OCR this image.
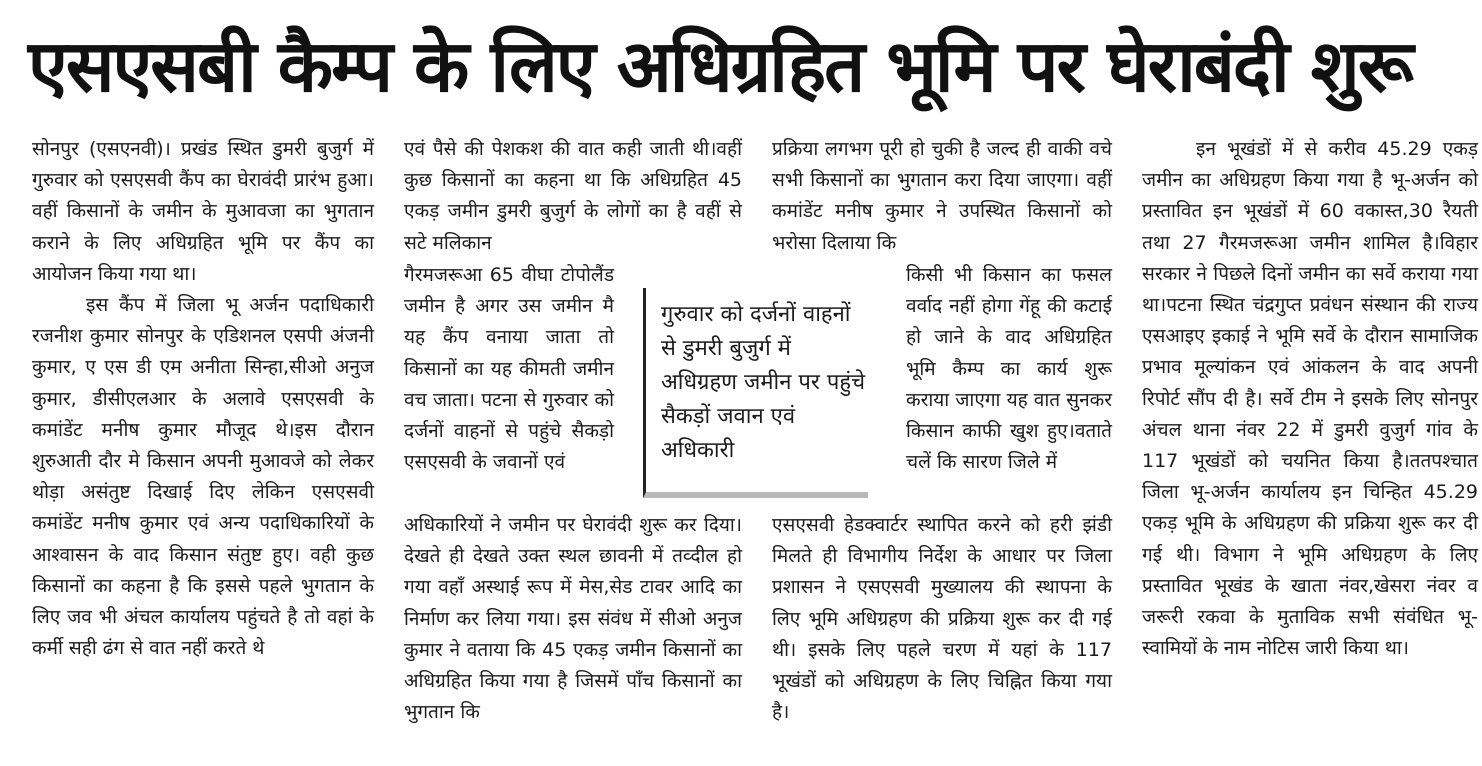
एसएसबी कैम्प के लिए अधिग्रहित भूमि पर घेराबंदी शुरू

सोनपुर (एसएनवी)। प्रखंड स्थित डुमरी बुजुर्ग में गुरुवार को एसएसवी कैंप का घेरावंदी प्रारंभ हुआ।वहीं किसानों के जमीन के मुआवजा का भुगतान कराने के लिए अधिग्रहित भूमि पर कैंप का आयोजन किया गया था।

इस कैंप में जिला भू अर्जन पदाधिकारी रजनीश कुमार सोनपुर के एडिशनल एसपी अंजनी कुमार, ए एस डी एम अनीता सिन्हा,सीओ अनुज कुमार, डीसीएलआर के अलावे एसएसवी के कमांडेंट मनीष कुमार मौजूद थे।इस दौरान शुरुआती दौर मे किसान अपनी मुआवजे को लेकर थोड़ा असंतुष्ट दिखाई दिए लेकिन एसएसवी कमांडेंट मनीष कुमार एवं अन्य पदाधिकारियों के आश्वासन के वाद किसान संतुष्ट हुए। वही कुछ किसानों का कहना है कि इससे पहले भुगतान के लिए जव भी अंचल कार्यालय पहुंचते है तो वहां के कर्मी सही ढंग से वात नहीं करते थे

एवं पैसे की पेशकश की वात कही जाती थी।वहीं कुछ किसानों का कहना था कि अधिग्रहित 45 एकड़ जमीन डुमरी बुजुर्ग के लोगों का है वहीं से सटे मलिकान

गैरमजरूआ 65 वीघा टोपोलैंड जमीन है अगर उस जमीन मै यह कैंप वनाया जाता तो किसानों का यह कीमती जमीन वच जाता। पटना से गुरुवार को दर्जनों वाहनों से पहुंचे सैकड़ो एसएसवी के जवानों एवं

अधिकारियों ने जमीन पर घेरावंदी शुरू कर दिया।देखते ही देखते उक्त स्थल छावनी में तव्दील हो गया वहाँ अस्थाई रूप में मेस,सेड टावर आदि का निर्माण कर लिया गया। इस संवंध में सीओ अनुज कुमार ने वताया कि 45 एकड़ जमीन किसानों का अधिग्रहित किया गया है जिसमें पाँच किसानों का भुगतान कि

गुरुवार को दर्जनों वाहनों से डुमरी बुजुर्ग में अधिग्रहण जमीन पर पहुंचे सैकड़ों जवान एवं अधिकारी

प्रक्रिया लगभग पूरी हो चुकी है जल्द ही वाकी वचे सभी किसानों का भुगतान करा दिया जाएगा। वहीं कमांडेंट मनीष कुमार ने उपस्थित किसानों को भरोसा दिलाया कि

किसी भी किसान का फसल वर्वाद नहीं होगा गेंहू की कटाई हो जाने के वाद अधिग्रहित भूमि कैम्प का कार्य शुरू कराया जाएगा यह वात सुनकर किसान काफी खुश हुए।वताते चलें कि सारण जिले में

एसएसवी हेडक्वार्टर स्थापित करने को हरी झंडी मिलते ही विभागीय निर्देश के आधार पर जिला प्रशासन ने एसएसवी मुख्यालय की स्थापना के लिए भूमि अधिग्रहण की प्रक्रिया शुरू कर दी गई थी। इसके लिए पहले चरण में यहां के 117 भूखंडों को अधिग्रहण के लिए चिह्नित किया गया है।

इन भूखंडों में से करीव 45.29 एकड़ जमीन का अधिग्रहण किया गया है भू-अर्जन को प्रस्तावित इन भूखंडों में 60 वकास्त,30 रैयती तथा 27 गैरमजरूआ जमीन शामिल है।विहार सरकार ने पिछले दिनों जमीन का सर्वे कराया गया था।पटना स्थित चंद्रगुप्त प्रवंधन संस्थान की राज्य एसआइए इकाई ने भूमि सर्वे के दौरान सामाजिक प्रभाव मूल्यांकन एवं आंकलन के वाद अपनी रिपोर्ट सौंप दी है। सर्वे टीम ने इसके लिए सोनपुर अंचल थाना नंवर 22 में डुमरी वुजुर्ग गांव के 117 भूखंडों को चयनित किया है।ततपश्चात जिला भू-अर्जन कार्यालय इन चिन्हित 45.29 एकड़ भूमि के अधिग्रहण की प्रक्रिया शुरू कर दी गई थी। विभाग ने भूमि अधिग्रहण के लिए प्रस्तावित भूखंड के खाता नंवर,खेसरा नंवर व जरूरी रकवा के मुताविक सभी संवंधित भू-स्वामियों के नाम नोटिस जारी किया था।
